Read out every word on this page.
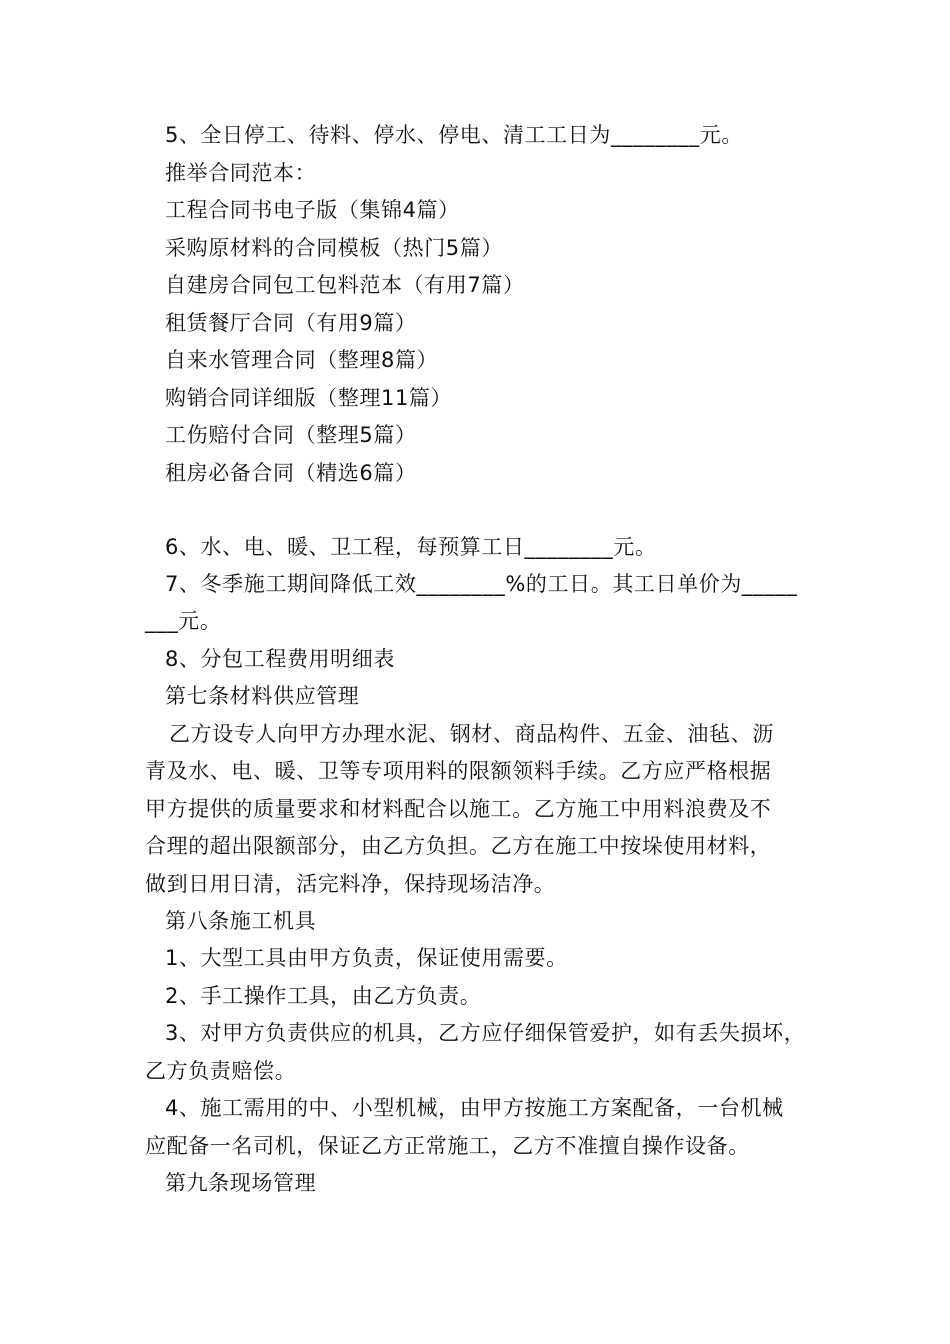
5、全日停工、待料、停水、停电、清工工日为________元。
推举合同范本：
工程合同书电子版（集锦4篇）
采购原材料的合同模板（热门5篇）
自建房合同包工包料范本（有用7篇）
租赁餐厅合同（有用9篇）
自来水管理合同（整理8篇）
购销合同详细版（整理11篇）
工伤赔付合同（整理5篇）
租房必备合同（精选6篇）
6、水、电、暖、卫工程，每预算工日________元。
7、冬季施工期间降低工效________%的工日。其工日单价为_____
___元。
8、分包工程费用明细表
第七条材料供应管理
乙方设专人向甲方办理水泥、钢材、商品构件、五金、油毡、沥
青及水、电、暖、卫等专项用料的限额领料手续。乙方应严格根据
甲方提供的质量要求和材料配合以施工。乙方施工中用料浪费及不
合理的超出限额部分，由乙方负担。乙方在施工中按垛使用材料，
做到日用日清，活完料净，保持现场洁净。
第八条施工机具
1、大型工具由甲方负责，保证使用需要。
2、手工操作工具，由乙方负责。
3、对甲方负责供应的机具，乙方应仔细保管爱护，如有丢失损坏，
乙方负责赔偿。
4、施工需用的中、小型机械，由甲方按施工方案配备，一台机械
应配备一名司机，保证乙方正常施工，乙方不准擅自操作设备。
第九条现场管理
